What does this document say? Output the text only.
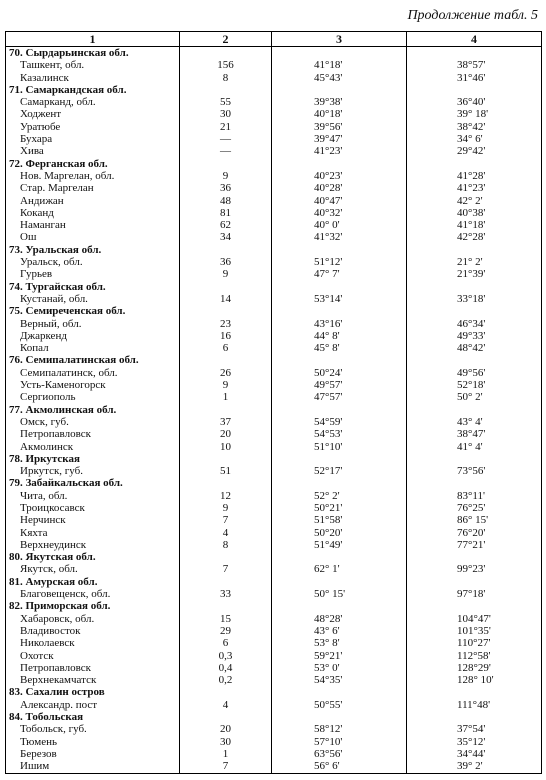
Продолжение табл. 5
1	2	3	4
70. Сырдарьинская обл.			
Ташкент, обл.	156	41°18'	38°57'
Казалинск	8	45°43'	31°46'
71. Самаркандская обл.			
Самарканд, обл.	55	39°38'	36°40'
Ходжент	30	40°18'	39° 18'
Уратюбе	21	39°56'	38°42'
Бухара	—	39°47'	34° 6'
Хива	—	41°23'	29°42'
72. Ферганская обл.			
Нов. Маргелан, обл.	9	40°23'	41°28'
Стар. Маргелан	36	40°28'	41°23'
Андижан	48	40°47'	42° 2'
Коканд	81	40°32'	40°38'
Наманган	62	40° 0'	41°18'
Ош	34	41°32'	42°28'
73. Уральская обл.			
Уральск, обл.	36	51°12'	21° 2'
Гурьев	9	47° 7'	21°39'
74. Тургайская обл.			
Кустанай, обл.	14	53°14'	33°18'
75. Семиреченская обл.			
Верный, обл.	23	43°16'	46°34'
Джаркенд	16	44° 8'	49°33'
Копал	6	45° 8'	48°42'
76. Семипалатинская обл.			
Семипалатинск, обл.	26	50°24'	49°56'
Усть-Каменогорск	9	49°57'	52°18'
Сергиополь	1	47°57'	50° 2'
77. Акмолинская обл.			
Омск, губ.	37	54°59'	43° 4'
Петропавловск	20	54°53'	38°47'
Акмолинск	10	51°10'	41° 4'
78. Иркутская			
Иркутск, губ.	51	52°17'	73°56'
79. Забайкальская обл.			
Чита, обл.	12	52° 2'	83°11'
Троицкосавск	9	50°21'	76°25'
Нерчинск	7	51°58'	86° 15'
Кяхта	4	50°20'	76°20'
Верхнеудинск	8	51°49'	77°21'
80. Якутская обл.			
Якутск, обл.	7	62° 1'	99°23'
81. Амурская обл.			
Благовещенск, обл.	33	50° 15'	97°18'
82. Приморская обл.			
Хабаровск, обл.	15	48°28'	104°47'
Владивосток	29	43° 6'	101°35'
Николаевск	6	53° 8'	110°27'
Охотск	0,3	59°21'	112°58'
Петропавловск	0,4	53° 0'	128°29'
Верхнекамчатск	0,2	54°35'	128° 10'
83. Сахалин остров			
Александр. пост	4	50°55'	111°48'
84. Тобольская			
Тобольск, губ.	20	58°12'	37°54'
Тюмень	30	57°10'	35°12'
Березов	1	63°56'	34°44'
Ишим	7	56° 6'	39° 2'
